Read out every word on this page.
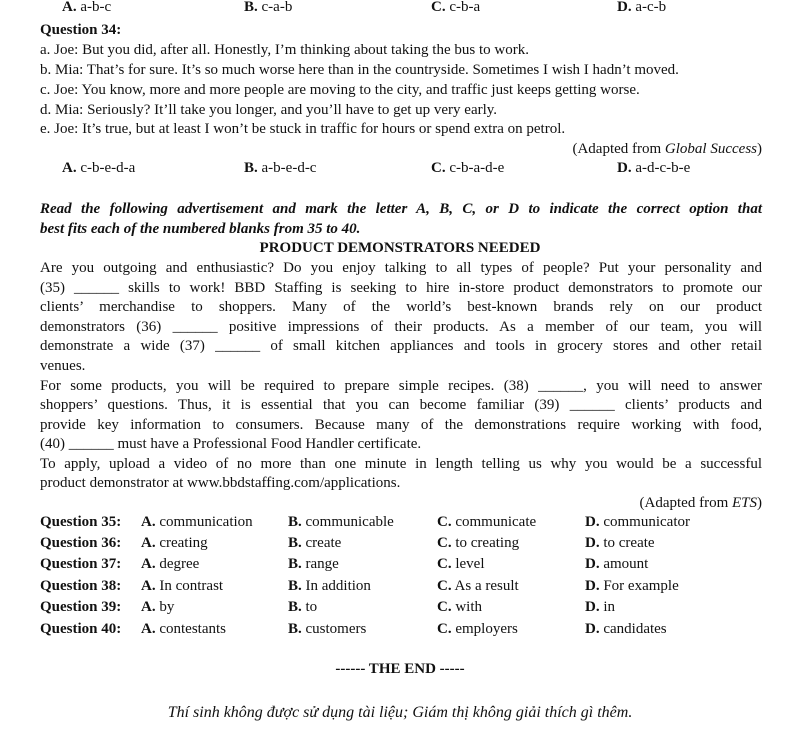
A. a-b-c	B. c-a-b	C. c-b-a	D. a-c-b
Question 34:
a. Joe: But you did, after all. Honestly, I’m thinking about taking the bus to work.
b. Mia: That’s for sure. It’s so much worse here than in the countryside. Sometimes I wish I hadn’t moved.
c. Joe: You know, more and more people are moving to the city, and traffic just keeps getting worse.
d. Mia: Seriously? It’ll take you longer, and you’ll have to get up very early.
e. Joe: It’s true, but at least I won’t be stuck in traffic for hours or spend extra on petrol.
(Adapted from Global Success)
A. c-b-e-d-a	B. a-b-e-d-c	C. c-b-a-d-e	D. a-d-c-b-e
Read the following advertisement and mark the letter A, B, C, or D to indicate the correct option that
best fits each of the numbered blanks from 35 to 40.
PRODUCT DEMONSTRATORS NEEDED
Are you outgoing and enthusiastic? Do you enjoy talking to all types of people? Put your personality and
(35) ______ skills to work! BBD Staffing is seeking to hire in-store product demonstrators to promote our
clients’ merchandise to shoppers. Many of the world’s best-known brands rely on our product
demonstrators (36) ______ positive impressions of their products. As a member of our team, you will
demonstrate a wide (37) ______ of small kitchen appliances and tools in grocery stores and other retail
venues.
For some products, you will be required to prepare simple recipes. (38) ______, you will need to answer
shoppers’ questions. Thus, it is essential that you can become familiar (39) ______ clients’ products and
provide key information to consumers. Because many of the demonstrations require working with food,
(40) ______ must have a Professional Food Handler certificate.
To apply, upload a video of no more than one minute in length telling us why you would be a successful
product demonstrator at www.bbdstaffing.com/applications.
(Adapted from ETS)
Question 35: A. communication B. communicable	C. communicate	D. communicator
Question 36: A. creating	B. create	C. to creating	D. to create
Question 37: A. degree	B. range	C. level	D. amount
Question 38: A. In contrast	B. In addition	C. As a result	D. For example
Question 39: A. by	B. to	C. with	D. in
Question 40: A. contestants	B. customers	C. employers	D. candidates
------ THE END -----
Thí sinh không được sử dụng tài liệu; Giám thị không giải thích gì thêm.
